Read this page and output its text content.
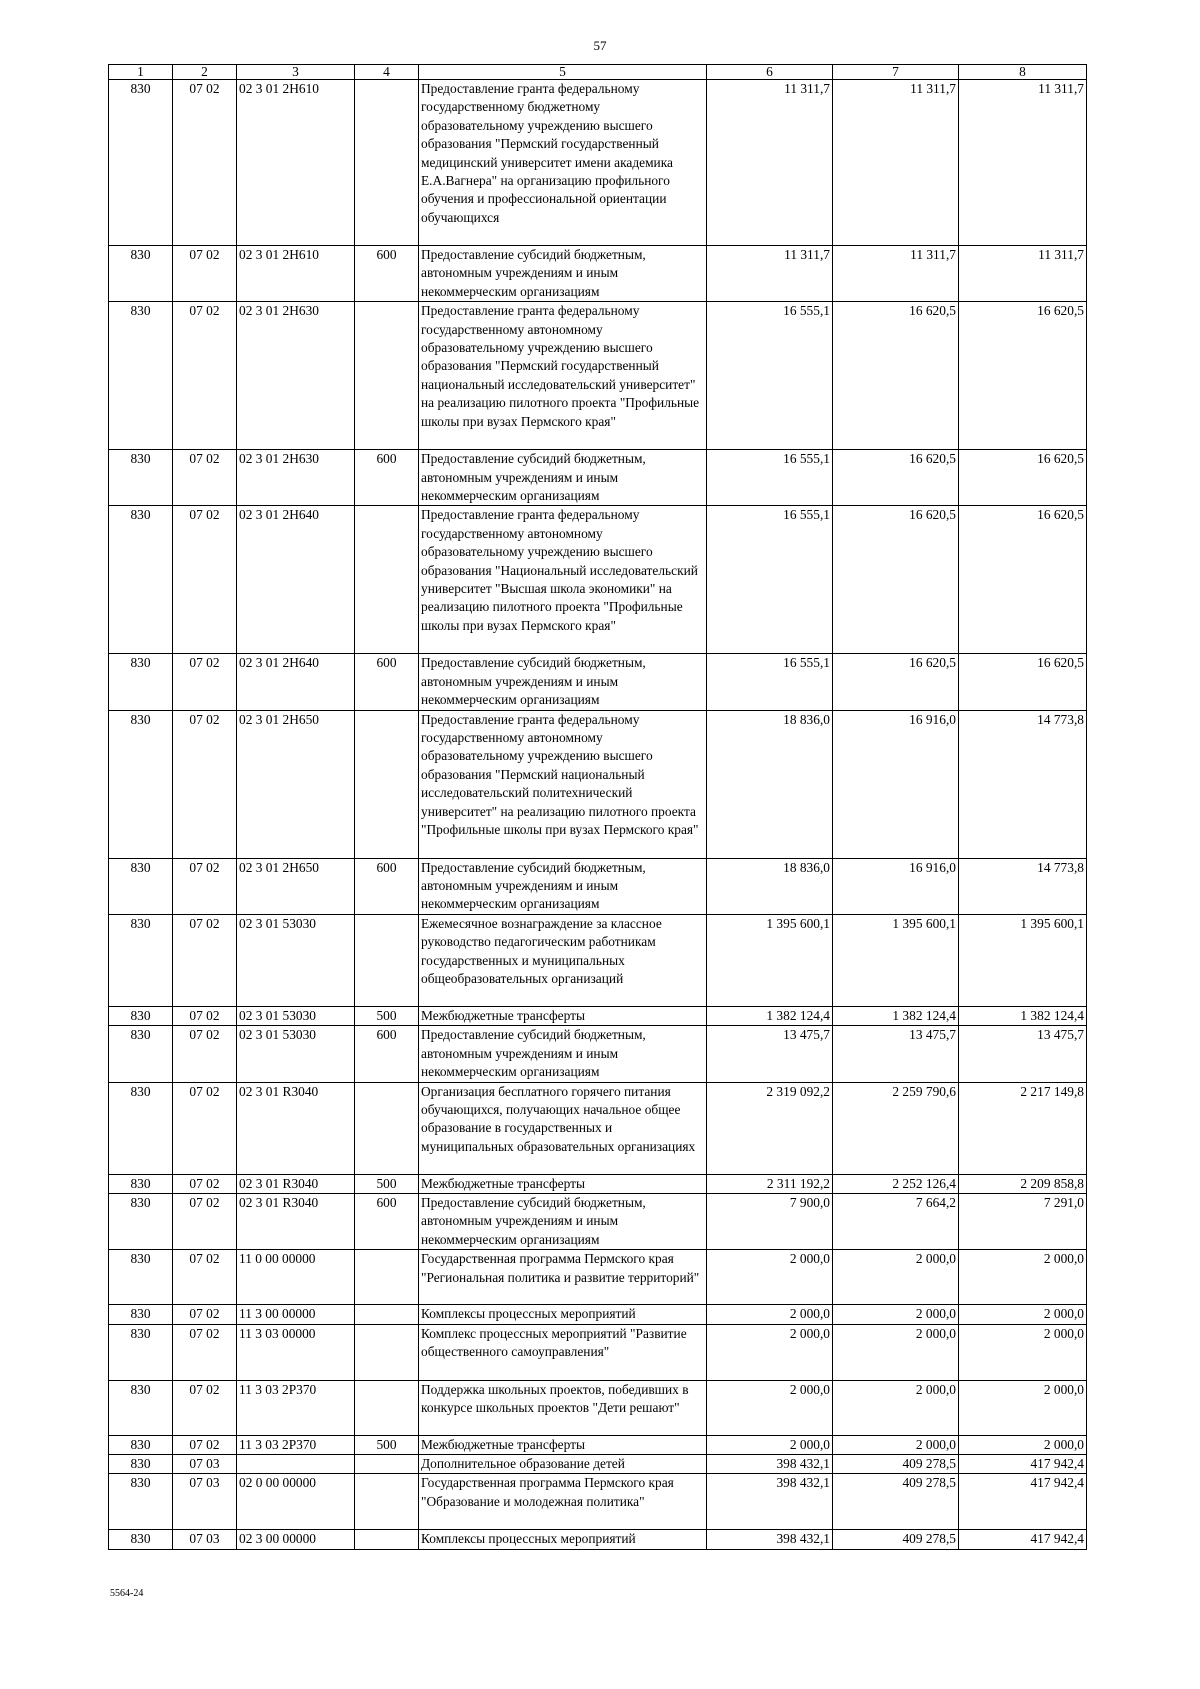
57
1	2	3	4	5	6	7	8
830	07 02	02 3 01 2Н610		Предоставление гранта федеральному государственному бюджетному образовательному учреждению высшего образования "Пермский государственный медицинский университет имени академика Е.А.Вагнера" на организацию профильного обучения и профессиональной ориентации обучающихся	11 311,7	11 311,7	11 311,7
830	07 02	02 3 01 2Н610	600	Предоставление субсидий бюджетным, автономным учреждениям и иным некоммерческим организациям	11 311,7	11 311,7	11 311,7
830	07 02	02 3 01 2Н630		Предоставление гранта федеральному государственному автономному образовательному учреждению высшего образования "Пермский государственный национальный исследовательский университет" на реализацию пилотного проекта "Профильные школы при вузах Пермского края"	16 555,1	16 620,5	16 620,5
830	07 02	02 3 01 2Н630	600	Предоставление субсидий бюджетным, автономным учреждениям и иным некоммерческим организациям	16 555,1	16 620,5	16 620,5
830	07 02	02 3 01 2Н640		Предоставление гранта федеральному государственному автономному образовательному учреждению высшего образования "Национальный исследовательский университет "Высшая школа экономики" на реализацию пилотного проекта "Профильные школы при вузах Пермского края"	16 555,1	16 620,5	16 620,5
830	07 02	02 3 01 2Н640	600	Предоставление субсидий бюджетным, автономным учреждениям и иным некоммерческим организациям	16 555,1	16 620,5	16 620,5
830	07 02	02 3 01 2Н650		Предоставление гранта федеральному государственному автономному образовательному учреждению высшего образования "Пермский национальный исследовательский политехнический университет" на реализацию пилотного проекта "Профильные школы при вузах Пермского края"	18 836,0	16 916,0	14 773,8
830	07 02	02 3 01 2Н650	600	Предоставление субсидий бюджетным, автономным учреждениям и иным некоммерческим организациям	18 836,0	16 916,0	14 773,8
830	07 02	02 3 01 53030		Ежемесячное вознаграждение за классное руководство педагогическим работникам государственных и муниципальных общеобразовательных организаций	1 395 600,1	1 395 600,1	1 395 600,1
830	07 02	02 3 01 53030	500	Межбюджетные трансферты	1 382 124,4	1 382 124,4	1 382 124,4
830	07 02	02 3 01 53030	600	Предоставление субсидий бюджетным, автономным учреждениям и иным некоммерческим организациям	13 475,7	13 475,7	13 475,7
830	07 02	02 3 01 R3040		Организация бесплатного горячего питания обучающихся, получающих начальное общее образование в государственных и муниципальных образовательных организациях	2 319 092,2	2 259 790,6	2 217 149,8
830	07 02	02 3 01 R3040	500	Межбюджетные трансферты	2 311 192,2	2 252 126,4	2 209 858,8
830	07 02	02 3 01 R3040	600	Предоставление субсидий бюджетным, автономным учреждениям и иным некоммерческим организациям	7 900,0	7 664,2	7 291,0
830	07 02	11 0 00 00000		Государственная программа Пермского края "Региональная политика и развитие территорий"	2 000,0	2 000,0	2 000,0
830	07 02	11 3 00 00000		Комплексы процессных мероприятий	2 000,0	2 000,0	2 000,0
830	07 02	11 3 03 00000		Комплекс процессных мероприятий "Развитие общественного самоуправления"	2 000,0	2 000,0	2 000,0
830	07 02	11 3 03 2Р370		Поддержка школьных проектов, победивших в конкурсе школьных проектов "Дети решают"	2 000,0	2 000,0	2 000,0
830	07 02	11 3 03 2Р370	500	Межбюджетные трансферты	2 000,0	2 000,0	2 000,0
830	07 03			Дополнительное образование детей	398 432,1	409 278,5	417 942,4
830	07 03	02 0 00 00000		Государственная программа Пермского края "Образование и молодежная политика"	398 432,1	409 278,5	417 942,4
830	07 03	02 3 00 00000		Комплексы процессных мероприятий	398 432,1	409 278,5	417 942,4
5564-24
